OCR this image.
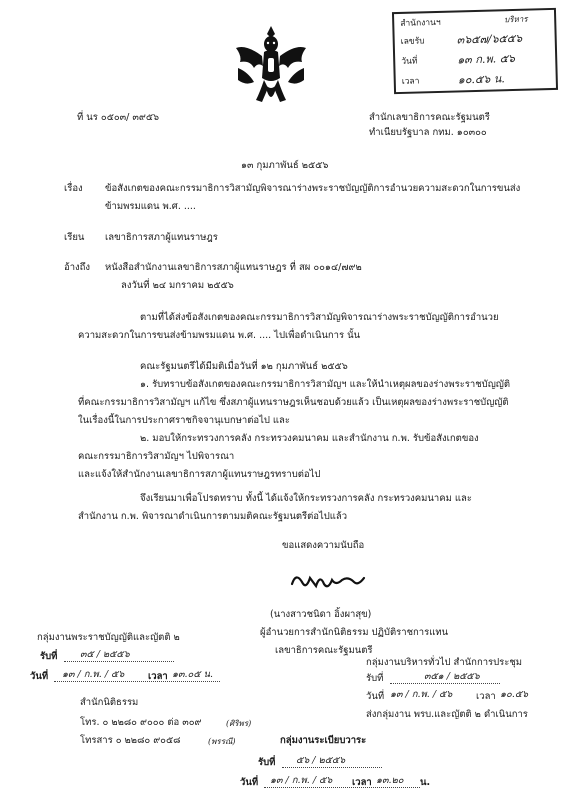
สำนักงานฯ	บริหาร
เลขรับ	๓๖๕๗/๖๕๕๖
วันที่	๑๓ ก.พ. ๕๖
เวลา	๑๐.๕๖ น.
ที่ นร ๐๕๐๓/ ๓๙๕๖	สำนักเลขาธิการคณะรัฐมนตรี
ทำเนียบรัฐบาล กทม. ๑๐๓๐๐
๑๓ กุมภาพันธ์ ๒๕๕๖
เรื่อง ข้อสังเกตของคณะกรรมาธิการวิสามัญพิจารณาร่างพระราชบัญญัติการอำนวยความสะดวกในการขนส่ง
ข้ามพรมแดน พ.ศ. ....
เรียน เลขาธิการสภาผู้แทนราษฎร
อ้างถึง หนังสือสำนักงานเลขาธิการสภาผู้แทนราษฎร ที่ สผ ๐๐๑๔/๗๙๒
ลงวันที่ ๒๔ มกราคม ๒๕๕๖
ตามที่ได้ส่งข้อสังเกตของคณะกรรมาธิการวิสามัญพิจารณาร่างพระราชบัญญัติการอำนวย
ความสะดวกในการขนส่งข้ามพรมแดน พ.ศ. .... ไปเพื่อดำเนินการ นั้น
คณะรัฐมนตรีได้มีมติเมื่อวันที่ ๑๒ กุมภาพันธ์ ๒๕๕๖
๑. รับทราบข้อสังเกตของคณะกรรมาธิการวิสามัญฯ และให้นำเหตุผลของร่างพระราชบัญญัติ
ที่คณะกรรมาธิการวิสามัญฯ แก้ไข ซึ่งสภาผู้แทนราษฎรเห็นชอบด้วยแล้ว เป็นเหตุผลของร่างพระราชบัญญัติ
ในเรื่องนี้ในการประกาศราชกิจจานุเบกษาต่อไป และ
๒. มอบให้กระทรวงการคลัง กระทรวงคมนาคม และสำนักงาน ก.พ. รับข้อสังเกตของ
คณะกรรมาธิการวิสามัญฯ ไปพิจารณา
และแจ้งให้สำนักงานเลขาธิการสภาผู้แทนราษฎรทราบต่อไป
จึงเรียนมาเพื่อโปรดทราบ ทั้งนี้ ได้แจ้งให้กระทรวงการคลัง กระทรวงคมนาคม และ
สำนักงาน ก.พ. พิจารณาดำเนินการตามมติคณะรัฐมนตรีต่อไปแล้ว
ขอแสดงความนับถือ
(นางสาวชนิดา อิ้งผาสุข)
ผู้อำนวยการสำนักนิติธรรม ปฏิบัติราชการแทน
เลขาธิการคณะรัฐมนตรี
กลุ่มงานพระราชบัญญัติและญัตติ ๒
รับที่ ๓๕ / ๒๕๕๖
วันที่ ๑๓ / ก.พ. / ๕๖ เวลา ๑๓.๐๕ น.
กลุ่มงานบริหารทั่วไป สำนักการประชุม
รับที่	๓๕๑ / ๒๕๕๖
วันที่ ๑๓ / ก.พ. / ๕๖ เวลา ๑๐.๕๖
ส่งกลุ่มงาน พรบ.และญัตติ ๒ ดำเนินการ
สำนักนิติธรรม
โทร. ๐ ๒๒๘๐ ๙๐๐๐ ต่อ ๓๐๙	(ศิริพร)
โทรสาร ๐ ๒๒๘๐ ๙๐๕๘	(พรรณี)	กลุ่มงานระเบียบวาระ
รับที่ ๕๖ / ๒๕๕๖
วันที่ ๑๓ / ก.พ. / ๕๖ เวลา ๑๓.๒๐ น.
